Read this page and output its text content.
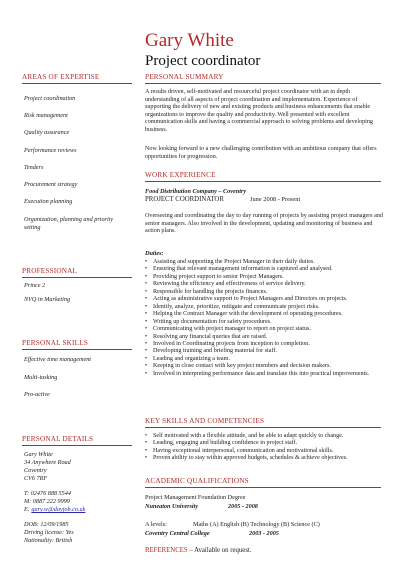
Gary White
Project coordinator
AREAS OF EXPERTISE
Project coordination
Risk management
Quality assurance
Performance reviews
Tenders
Procurement strategy
Execution planning
Organization, planning and priority setting
PROFESSIONAL
Prince 2
NVQ in Marketing
PERSONAL SKILLS
Effective time management
Multi-tasking
Pro-active
PERSONAL DETAILS
Gary White
34 Anywhere Road
Coventry
CV6 7RF
T: 02476 888 5544
M: 0887 222 9999
E: gary.w@dayjob.co.uk
DOB: 12/09/1985
Driving license: Yes
Nationality: British
PERSONAL SUMMARY
A results driven, self-motivated and resourceful project coordinator with an in depth understanding of all aspects of project coordination and implementation. Experience of supporting the delivery of new and existing products and business enhancements that enable organizations to improve the quality and productivity. Well presented with excellent communication skills and having a commercial approach to solving problems and developing business.
Now looking forward to a new challenging contribution with an ambitious company that offers opportunities for progression.
WORK EXPERIENCE
Food Distribution Company – Coventry
PROJECT COORDINATOR	June 2008 - Present
Overseeing and coordinating the day to day running of projects by assisting project managers and senior managers. Also involved in the development, updating and monitoring of business and action plans.
Duties:
• Assisting and supporting the Project Manager in their daily duties.
• Ensuring that relevant management information is captured and analysed.
• Providing project support to senior Project Managers.
• Reviewing the efficiency and effectiveness of service delivery.
• Responsible for handling the projects finances.
• Acting as administrative support to Project Managers and Directors on projects.
• Identify, analyze, prioritize, mitigate and communicate project risks.
• Helping the Contract Manager with the development of operating procedures.
• Writing up documentation for safety procedures.
• Communicating with project manager to report on project status.
• Resolving any financial queries that are raised.
• Involved in Coordinating projects from inception to completion.
• Developing training and briefing material for staff.
• Leading and organizing a team.
• Keeping in close contact with key project members and decision makers.
• Involved in interpreting performance data and translate this into practical improvements.
KEY SKILLS AND COMPETENCIES
• Self motivated with a flexible attitude, and be able to adapt quickly to change.
• Leading, engaging and building confidence in project staff.
• Having exceptional interpersonal, communication and motivational skills.
• Proven ability to stay within approved budgets, schedules & achieve objectives.
ACADEMIC QUALIFICATIONS
Project Management Foundation Degree
Nuneaton University	2005 - 2008
A levels:	Maths (A) English (B) Technology (B) Science (C)
Coventry Central College	2003 - 2005
REFERENCES – Available on request.
